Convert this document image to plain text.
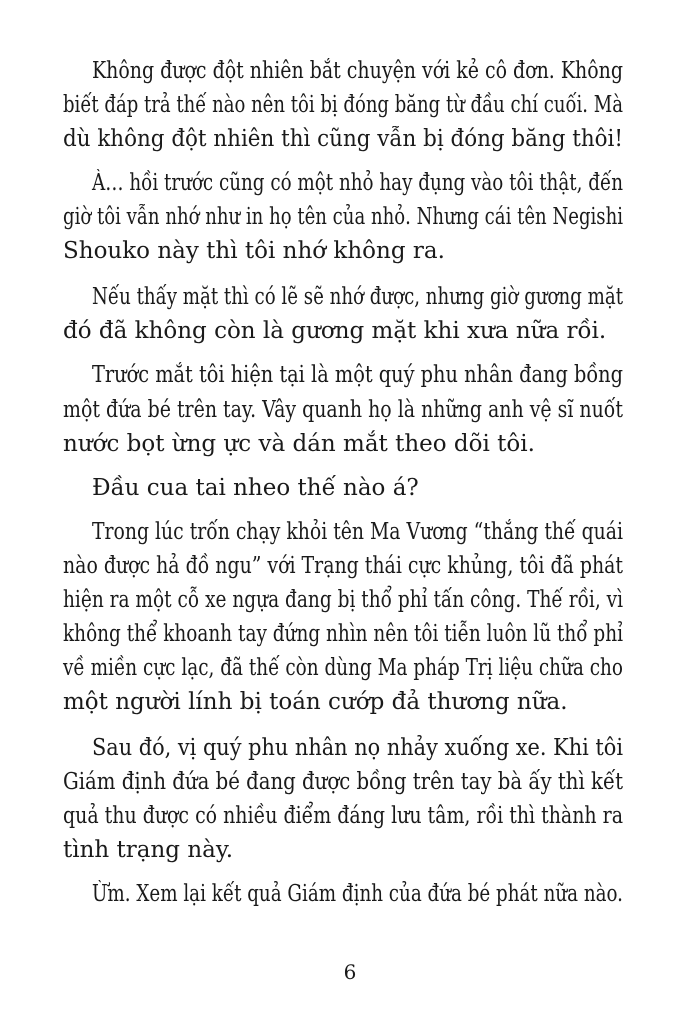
Không được đột nhiên bắt chuyện với kẻ cô đơn. Không

biết đáp trả thế nào nên tôi bị đóng băng từ đầu chí cuối. Mà

dù không đột nhiên thì cũng vẫn bị đóng băng thôi!

À… hồi trước cũng có một nhỏ hay đụng vào tôi thật, đến

giờ tôi vẫn nhớ như in họ tên của nhỏ. Nhưng cái tên Negishi

Shouko này thì tôi nhớ không ra.

Nếu thấy mặt thì có lẽ sẽ nhớ được, nhưng giờ gương mặt

đó đã không còn là gương mặt khi xưa nữa rồi.

Trước mắt tôi hiện tại là một quý phu nhân đang bồng

một đứa bé trên tay. Vây quanh họ là những anh vệ sĩ nuốt

nước bọt ừng ực và dán mắt theo dõi tôi.

Đầu cua tai nheo thế nào á?

Trong lúc trốn chạy khỏi tên Ma Vương “thắng thế quái

nào được hả đồ ngu” với Trạng thái cực khủng, tôi đã phát

hiện ra một cỗ xe ngựa đang bị thổ phỉ tấn công. Thế rồi, vì

không thể khoanh tay đứng nhìn nên tôi tiễn luôn lũ thổ phỉ

về miền cực lạc, đã thế còn dùng Ma pháp Trị liệu chữa cho

một người lính bị toán cướp đả thương nữa.

Sau đó, vị quý phu nhân nọ nhảy xuống xe. Khi tôi

Giám định đứa bé đang được bồng trên tay bà ấy thì kết

quả thu được có nhiều điểm đáng lưu tâm, rồi thì thành ra

tình trạng này.

Ừm. Xem lại kết quả Giám định của đứa bé phát nữa nào.

6
